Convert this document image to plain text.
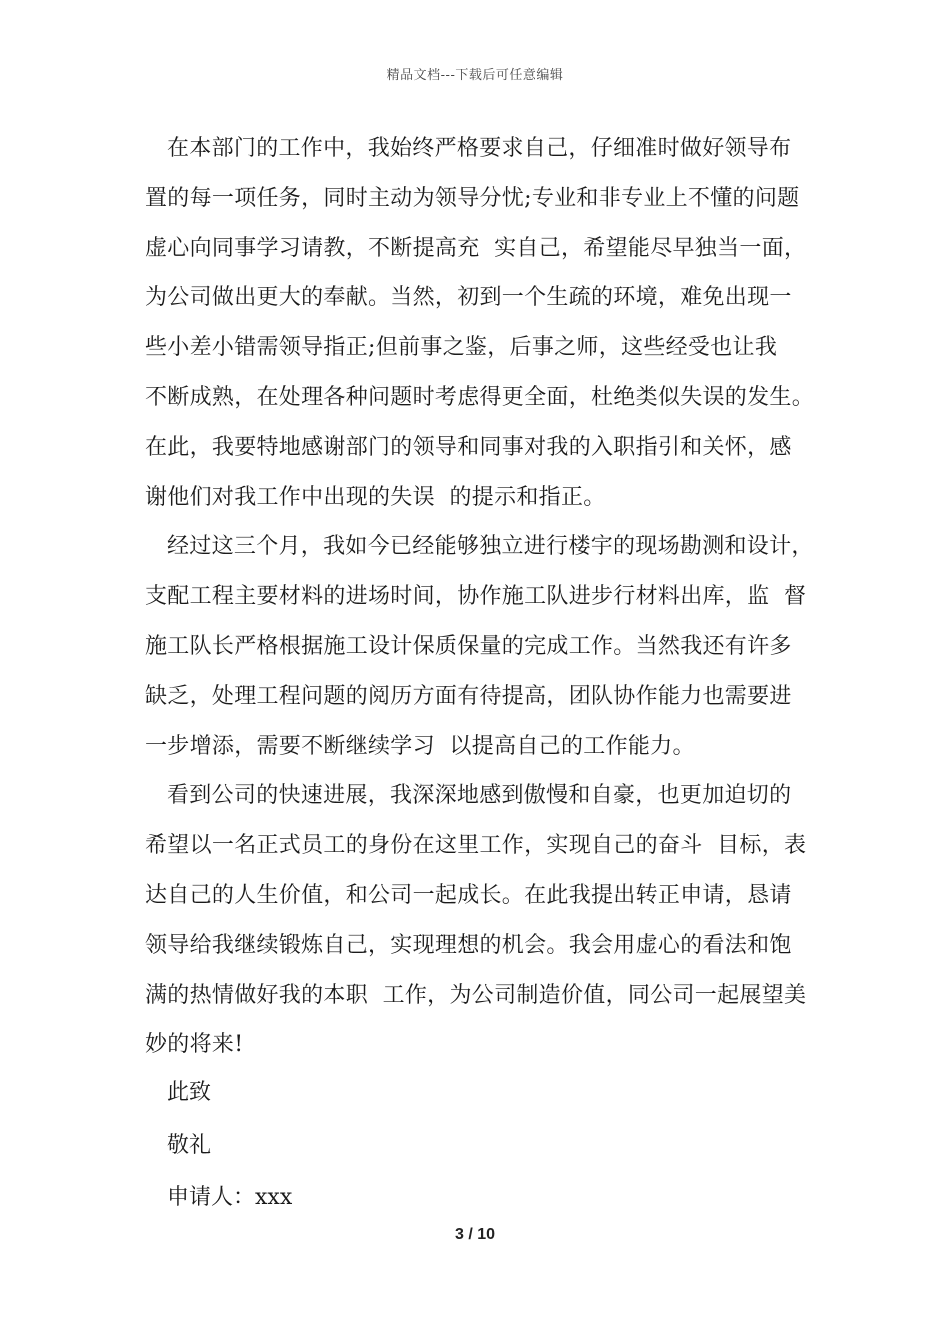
精品文档---下载后可任意编辑
在本部门的工作中，我始终严格要求自己，仔细准时做好领导布
置的每一项任务，同时主动为领导分忧;专业和非专业上不懂的问题
虚心向同事学习请教，不断提高充  实自己，希望能尽早独当一面，
为公司做出更大的奉献。当然，初到一个生疏的环境，难免出现一
些小差小错需领导指正;但前事之鉴，后事之师，这些经受也让我
不断成熟，在处理各种问题时考虑得更全面，杜绝类似失误的发生。
在此，我要特地感谢部门的领导和同事对我的入职指引和关怀，感
谢他们对我工作中出现的失误  的提示和指正。
经过这三个月，我如今已经能够独立进行楼宇的现场勘测和设计，
支配工程主要材料的进场时间，协作施工队进步行材料出库，监  督
施工队长严格根据施工设计保质保量的完成工作。当然我还有许多
缺乏，处理工程问题的阅历方面有待提高，团队协作能力也需要进
一步增添，需要不断继续学习  以提高自己的工作能力。
看到公司的快速进展，我深深地感到傲慢和自豪，也更加迫切的
希望以一名正式员工的身份在这里工作，实现自己的奋斗  目标，表
达自己的人生价值，和公司一起成长。在此我提出转正申请，恳请
领导给我继续锻炼自己，实现理想的机会。我会用虚心的看法和饱
满的热情做好我的本职  工作，为公司制造价值，同公司一起展望美
妙的将来!
此致
敬礼
申请人：xxx
3 / 10
